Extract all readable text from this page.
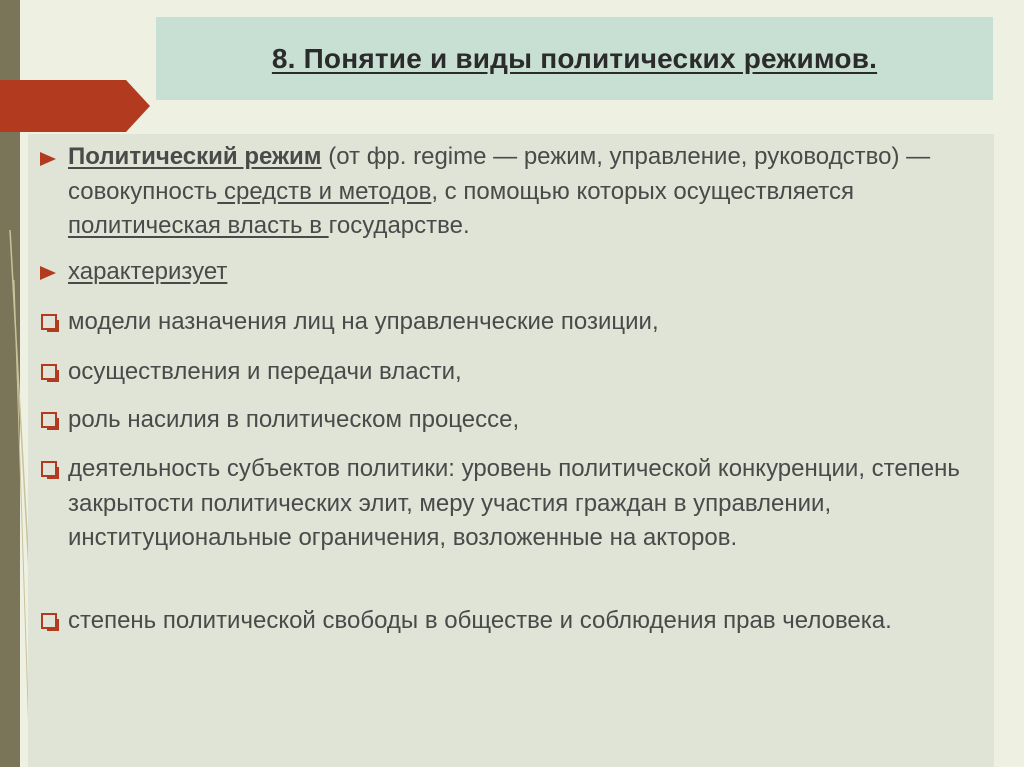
8. Понятие и виды политических режимов.
Политический режим (от фр. regime — режим, управление, руководство) — совокупность средств и методов, с помощью которых осуществляется политическая власть в государстве.
характеризует
модели назначения лиц на управленческие позиции,
осуществления и передачи власти,
роль насилия в политическом процессе,
деятельность субъектов политики: уровень политической конкуренции, степень закрытости политических элит, меру участия граждан в управлении, институциональные ограничения, возложенные на акторов.
степень политической свободы в обществе и соблюдения прав человека.
